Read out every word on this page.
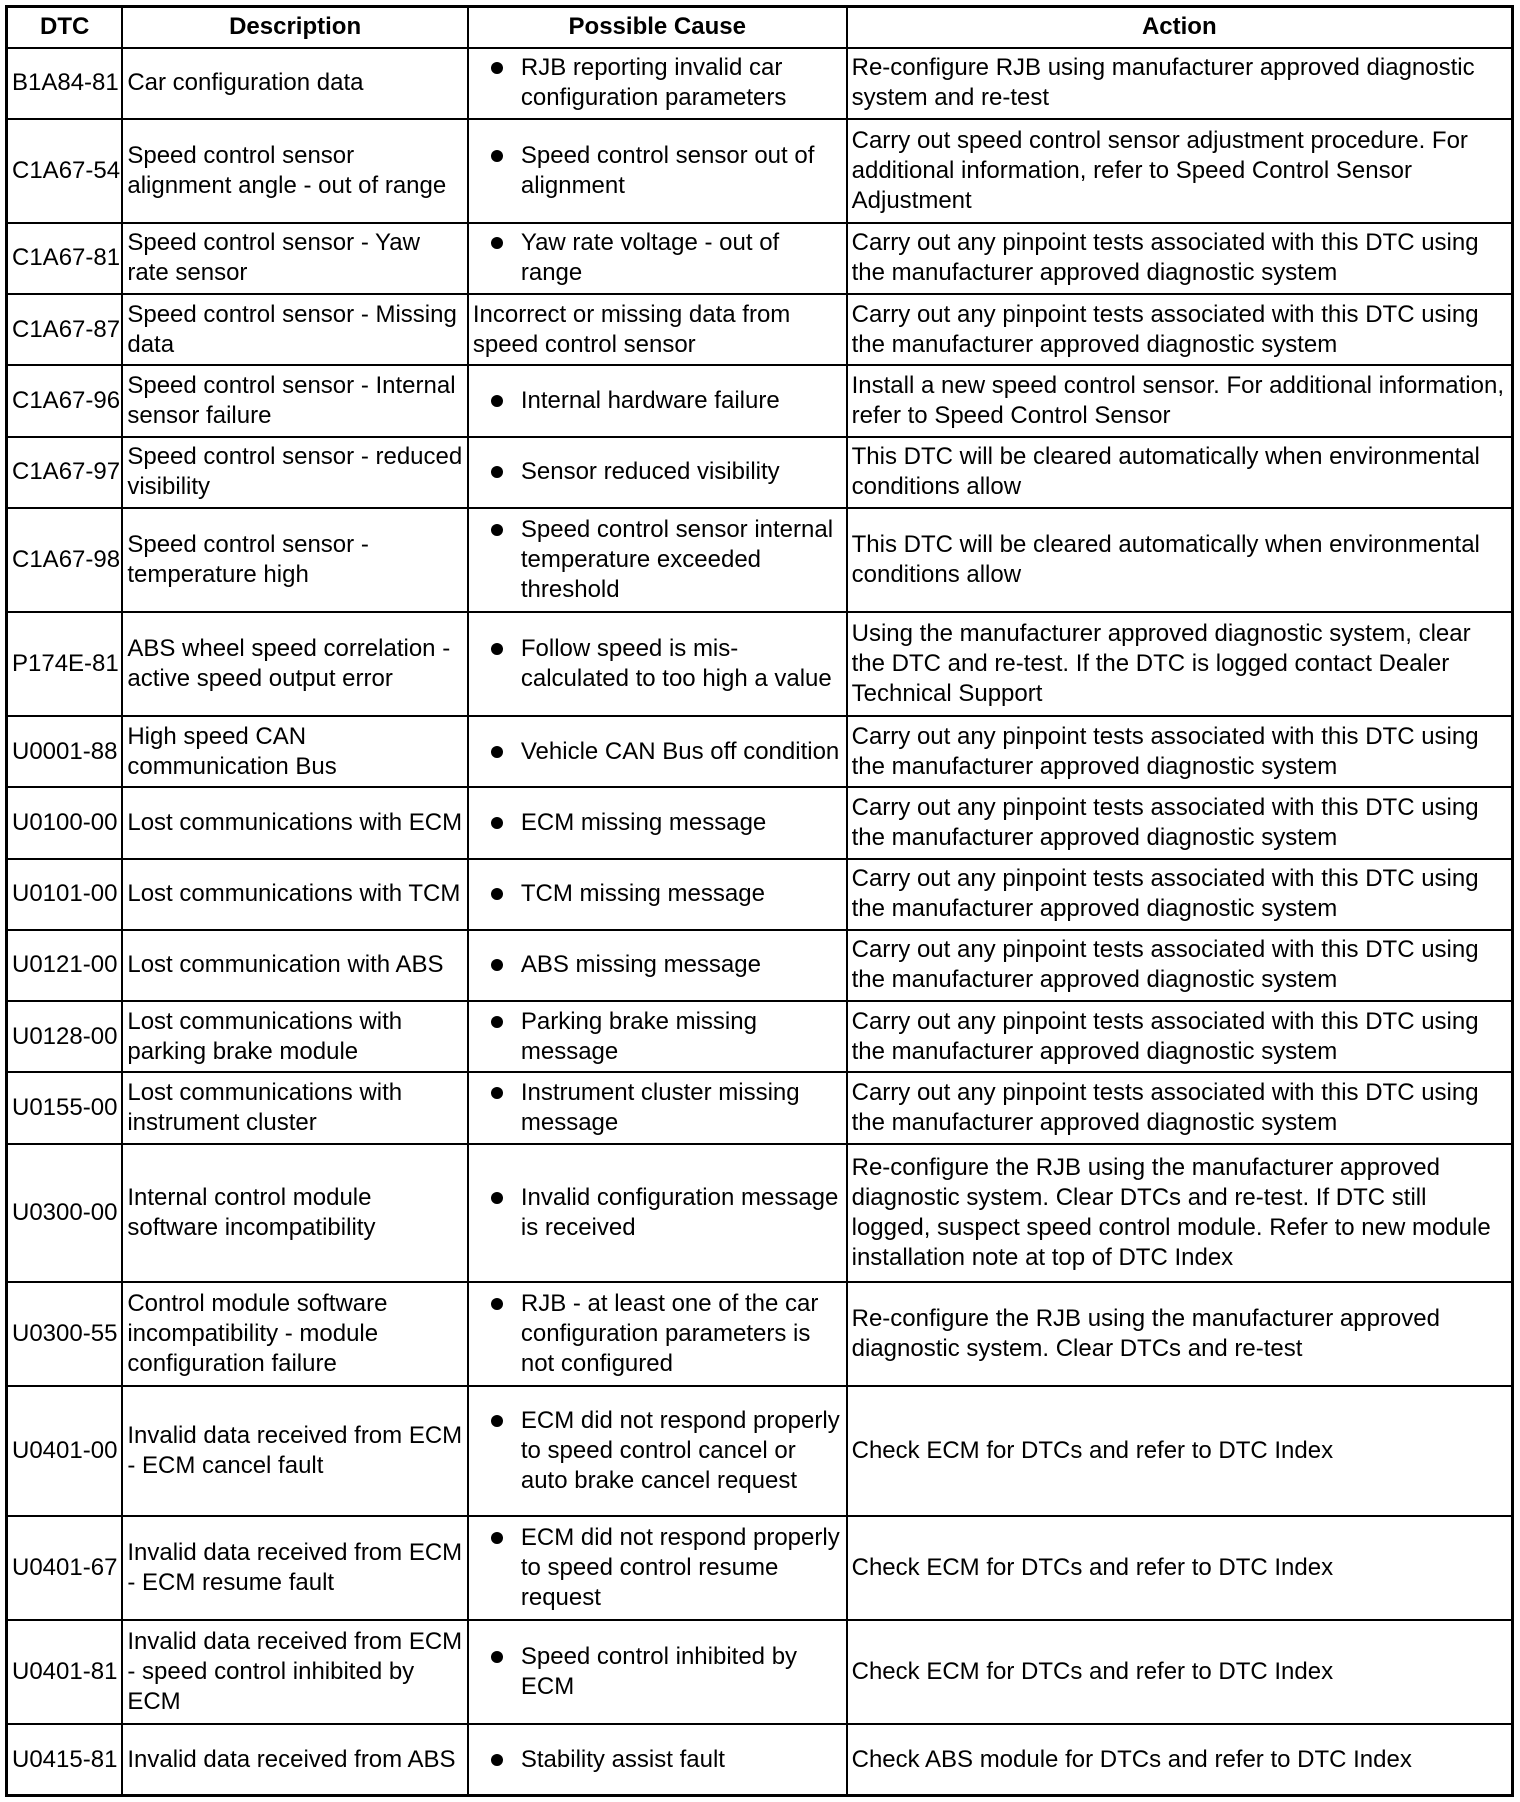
DTC	Description	Possible Cause	Action
B1A84-81	Car configuration data	RJB reporting invalid car configuration parameters	Re-configure RJB using manufacturer approved diagnostic system and re-test
C1A67-54	Speed control sensor alignment angle - out of range	Speed control sensor out of alignment	Carry out speed control sensor adjustment procedure. For additional information, refer to Speed Control Sensor Adjustment
C1A67-81	Speed control sensor - Yaw rate sensor	Yaw rate voltage - out of range	Carry out any pinpoint tests associated with this DTC using the manufacturer approved diagnostic system
C1A67-87	Speed control sensor - Missing data	Incorrect or missing data from speed control sensor	Carry out any pinpoint tests associated with this DTC using the manufacturer approved diagnostic system
C1A67-96	Speed control sensor - Internal sensor failure	Internal hardware failure	Install a new speed control sensor. For additional information, refer to Speed Control Sensor
C1A67-97	Speed control sensor - reduced visibility	Sensor reduced visibility	This DTC will be cleared automatically when environmental conditions allow
C1A67-98	Speed control sensor - temperature high	Speed control sensor internal temperature exceeded threshold	This DTC will be cleared automatically when environmental conditions allow
P174E-81	ABS wheel speed correlation - active speed output error	Follow speed is mis-calculated to too high a value	Using the manufacturer approved diagnostic system, clear the DTC and re-test. If the DTC is logged contact Dealer Technical Support
U0001-88	High speed CAN communication Bus	Vehicle CAN Bus off condition	Carry out any pinpoint tests associated with this DTC using the manufacturer approved diagnostic system
U0100-00	Lost communications with ECM	ECM missing message	Carry out any pinpoint tests associated with this DTC using the manufacturer approved diagnostic system
U0101-00	Lost communications with TCM	TCM missing message	Carry out any pinpoint tests associated with this DTC using the manufacturer approved diagnostic system
U0121-00	Lost communication with ABS	ABS missing message	Carry out any pinpoint tests associated with this DTC using the manufacturer approved diagnostic system
U0128-00	Lost communications with parking brake module	Parking brake missing message	Carry out any pinpoint tests associated with this DTC using the manufacturer approved diagnostic system
U0155-00	Lost communications with instrument cluster	Instrument cluster missing message	Carry out any pinpoint tests associated with this DTC using the manufacturer approved diagnostic system
U0300-00	Internal control module software incompatibility	Invalid configuration message is received	Re-configure the RJB using the manufacturer approved diagnostic system. Clear DTCs and re-test. If DTC still logged, suspect speed control module. Refer to new module installation note at top of DTC Index
U0300-55	Control module software incompatibility - module configuration failure	RJB - at least one of the car configuration parameters is not configured	Re-configure the RJB using the manufacturer approved diagnostic system. Clear DTCs and re-test
U0401-00	Invalid data received from ECM - ECM cancel fault	ECM did not respond properly to speed control cancel or auto brake cancel request	Check ECM for DTCs and refer to DTC Index
U0401-67	Invalid data received from ECM - ECM resume fault	ECM did not respond properly to speed control resume request	Check ECM for DTCs and refer to DTC Index
U0401-81	Invalid data received from ECM - speed control inhibited by ECM	Speed control inhibited by ECM	Check ECM for DTCs and refer to DTC Index
U0415-81	Invalid data received from ABS	Stability assist fault	Check ABS module for DTCs and refer to DTC Index
